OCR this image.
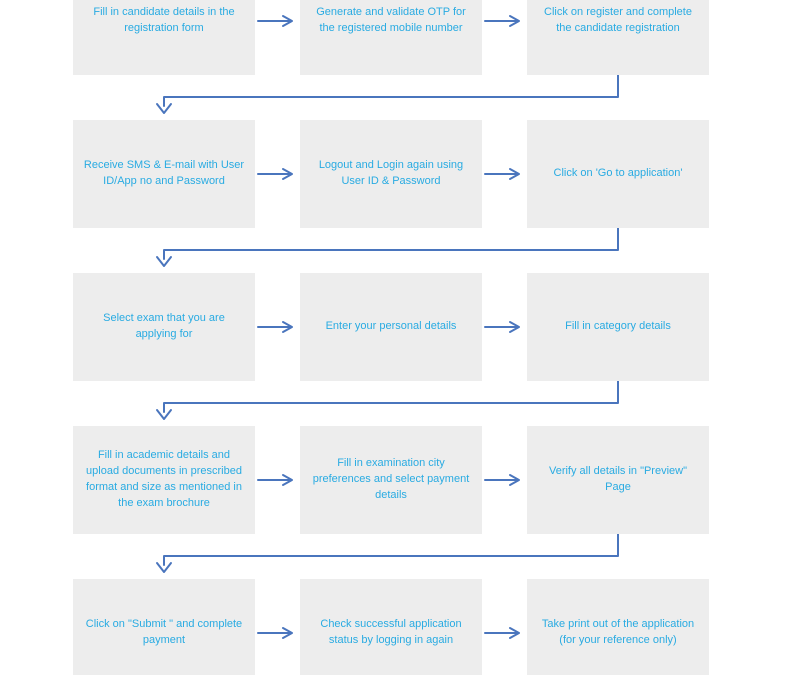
Fill in candidate details in the registration form
Generate and validate OTP for the registered mobile number
Click on register and complete the candidate registration
Receive SMS & E-mail with User ID/App no and Password
Logout and Login again using User ID & Password
Click on 'Go to application'
Select exam that you are applying for
Enter your personal details	Fill in category details
Fill in academic details and upload documents in prescribed format and size as mentioned in the exam brochure
Fill in examination city preferences and select payment details
Verify all details in "Preview" Page
Click on "Submit " and complete payment
Check successful application status by logging in again
Take print out of the application (for your reference only)
